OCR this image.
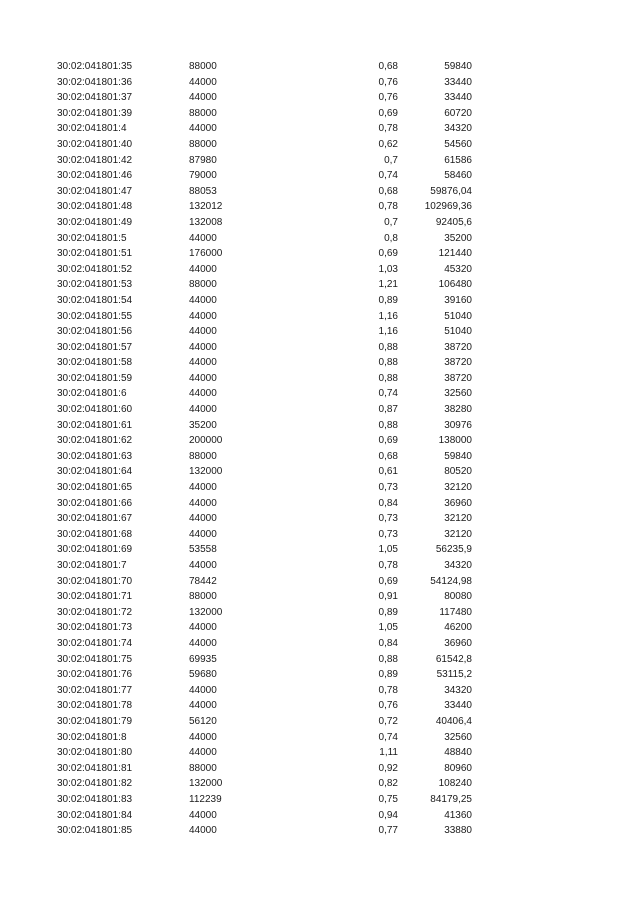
30:02:041801:35	88000	0,68	59840
30:02:041801:36	44000	0,76	33440
30:02:041801:37	44000	0,76	33440
30:02:041801:39	88000	0,69	60720
30:02:041801:4	44000	0,78	34320
30:02:041801:40	88000	0,62	54560
30:02:041801:42	87980	0,7	61586
30:02:041801:46	79000	0,74	58460
30:02:041801:47	88053	0,68	59876,04
30:02:041801:48	132012	0,78	102969,36
30:02:041801:49	132008	0,7	92405,6
30:02:041801:5	44000	0,8	35200
30:02:041801:51	176000	0,69	121440
30:02:041801:52	44000	1,03	45320
30:02:041801:53	88000	1,21	106480
30:02:041801:54	44000	0,89	39160
30:02:041801:55	44000	1,16	51040
30:02:041801:56	44000	1,16	51040
30:02:041801:57	44000	0,88	38720
30:02:041801:58	44000	0,88	38720
30:02:041801:59	44000	0,88	38720
30:02:041801:6	44000	0,74	32560
30:02:041801:60	44000	0,87	38280
30:02:041801:61	35200	0,88	30976
30:02:041801:62	200000	0,69	138000
30:02:041801:63	88000	0,68	59840
30:02:041801:64	132000	0,61	80520
30:02:041801:65	44000	0,73	32120
30:02:041801:66	44000	0,84	36960
30:02:041801:67	44000	0,73	32120
30:02:041801:68	44000	0,73	32120
30:02:041801:69	53558	1,05	56235,9
30:02:041801:7	44000	0,78	34320
30:02:041801:70	78442	0,69	54124,98
30:02:041801:71	88000	0,91	80080
30:02:041801:72	132000	0,89	117480
30:02:041801:73	44000	1,05	46200
30:02:041801:74	44000	0,84	36960
30:02:041801:75	69935	0,88	61542,8
30:02:041801:76	59680	0,89	53115,2
30:02:041801:77	44000	0,78	34320
30:02:041801:78	44000	0,76	33440
30:02:041801:79	56120	0,72	40406,4
30:02:041801:8	44000	0,74	32560
30:02:041801:80	44000	1,11	48840
30:02:041801:81	88000	0,92	80960
30:02:041801:82	132000	0,82	108240
30:02:041801:83	112239	0,75	84179,25
30:02:041801:84	44000	0,94	41360
30:02:041801:85	44000	0,77	33880
